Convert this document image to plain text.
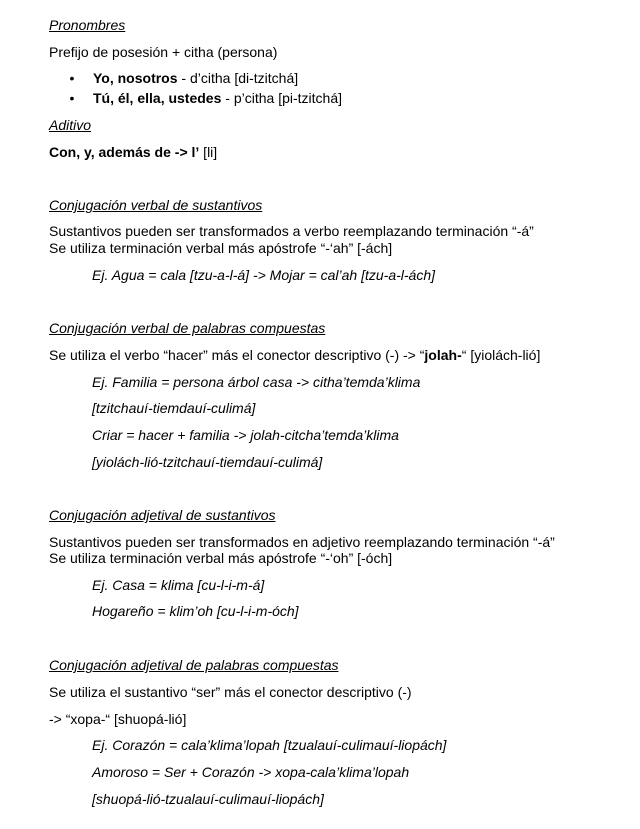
Pronombres
Prefijo de posesión + citha (persona)
• Yo, nosotros - d’citha [di-tzitchá]
• Tú, él, ella, ustedes - p’citha [pi-tzitchá]
Aditivo
Con, y, además de -> l’ [li]
Conjugación verbal de sustantivos
Sustantivos pueden ser transformados a verbo reemplazando terminación “-á”
Se utiliza terminación verbal más apóstrofe “-‘ah” [-ách]
Ej. Agua = cala [tzu-a-l-á] -> Mojar = cal’ah [tzu-a-l-ách]
Conjugación verbal de palabras compuestas
Se utiliza el verbo “hacer” más el conector descriptivo (-) -> “jolah-“ [yiolách-lió]
Ej. Familia = persona árbol casa -> citha’temda’klima
[tzitchauí-tiemdauí-culimá]
Criar = hacer + familia -> jolah-citcha’temda’klima
[yiolách-lió-tzitchauí-tiemdauí-culimá]
Conjugación adjetival de sustantivos
Sustantivos pueden ser transformados en adjetivo reemplazando terminación “-á”
Se utiliza terminación verbal más apóstrofe “-‘oh” [-óch]
Ej. Casa = klima [cu-l-i-m-á]
Hogareño = klim’oh [cu-l-i-m-óch]
Conjugación adjetival de palabras compuestas
Se utiliza el sustantivo “ser” más el conector descriptivo (-)
-> “xopa-“ [shuopá-lió]
Ej. Corazón = cala’klima’lopah [tzualauí-culimauí-liopách]
Amoroso = Ser + Corazón -> xopa-cala’klima’lopah
[shuopá-lió-tzualauí-culimauí-liopách]
